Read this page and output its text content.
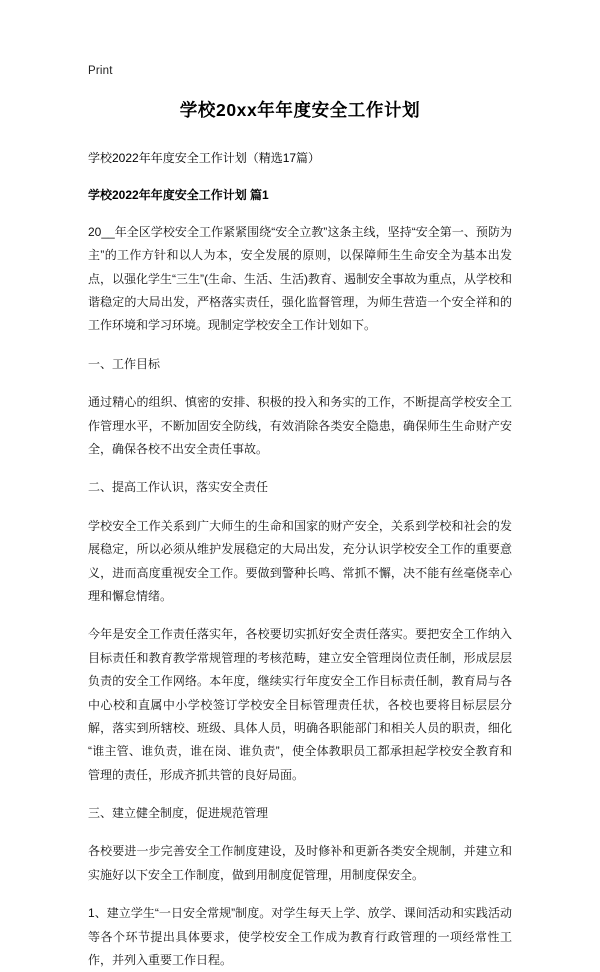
Print
学校20xx年年度安全工作计划
学校2022年年度安全工作计划（精选17篇）
学校2022年年度安全工作计划 篇1

20__年全区学校安全工作紧紧围绕“安全立教”这条主线，坚持“安全第一、预防为主”的工作方针和以人为本，安全发展的原则，以保障师生生命安全为基本出发点，以强化学生“三生”(生命、生活、生活)教育、遏制安全事故为重点，从学校和谐稳定的大局出发，严格落实责任，强化监督管理，为师生营造一个安全祥和的工作环境和学习环境。现制定学校安全工作计划如下。

一、工作目标

通过精心的组织、慎密的安排、积极的投入和务实的工作，不断提高学校安全工作管理水平，不断加固安全防线，有效消除各类安全隐患，确保师生生命财产安全，确保各校不出安全责任事故。

二、提高工作认识，落实安全责任

学校安全工作关系到广大师生的生命和国家的财产安全，关系到学校和社会的发展稳定，所以必须从维护发展稳定的大局出发，充分认识学校安全工作的重要意义，进而高度重视安全工作。要做到警种长鸣、常抓不懈，决不能有丝毫侥幸心理和懈怠情绪。

今年是安全工作责任落实年，各校要切实抓好安全责任落实。要把安全工作纳入目标责任和教育教学常规管理的考核范畴，建立安全管理岗位责任制，形成层层负责的安全工作网络。本年度，继续实行年度安全工作目标责任制，教育局与各中心校和直属中小学校签订学校安全目标管理责任状，各校也要将目标层层分解，落实到所辖校、班级、具体人员，明确各职能部门和相关人员的职责，细化“谁主管、谁负责，谁在岗、谁负责”，使全体教职员工都承担起学校安全教育和管理的责任，形成齐抓共管的良好局面。

三、建立健全制度，促进规范管理

各校要进一步完善安全工作制度建设，及时修补和更新各类安全规制，并建立和实施好以下安全工作制度，做到用制度促管理，用制度保安全。

1、建立学生“一日安全常规”制度。对学生每天上学、放学、课间活动和实践活动等各个环节提出具体要求，使学校安全工作成为教育行政管理的一项经常性工作，并列入重要工作日程。
